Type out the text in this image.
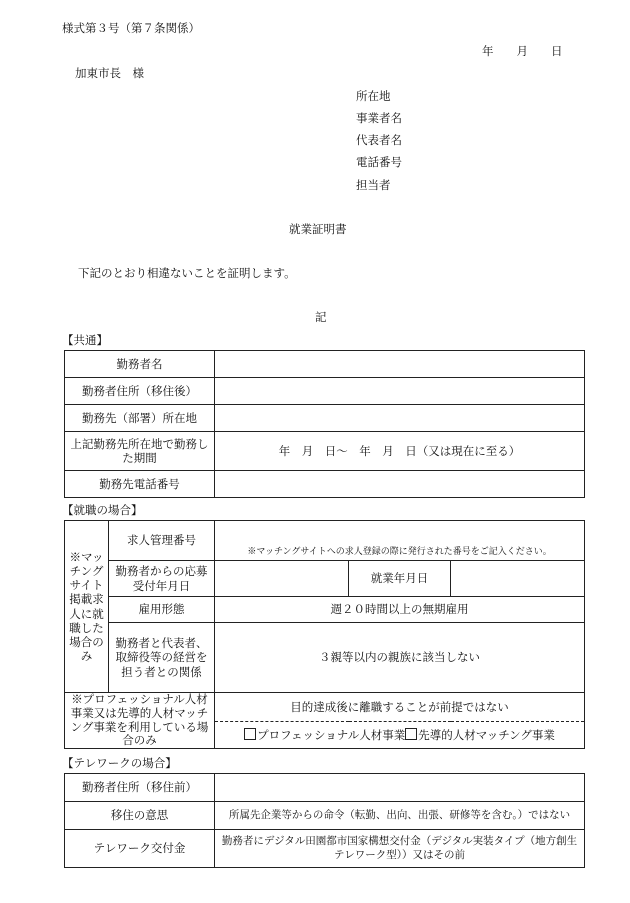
様式第３号（第７条関係）
年　　月　　日
加東市長　様
所在地
事業者名
代表者名
電話番号
担当者
就業証明書
下記のとおり相違ないことを証明します。
記
【共通】
勤務者名	
勤務者住所（移住後）	
勤務先（部署）所在地	
上記勤務先所在地で勤務した期間	年　月　日〜　年　月　日（又は現在に至る）
勤務先電話番号	
【就職の場合】
※マッチングサイト掲載求人に就職した場合のみ	求人管理番号	※マッチングサイトへの求人登録の際に発行された番号をご記入ください。		
	勤務者からの応募受付年月日		就業年月日	
	雇用形態	週２０時間以上の無期雇用		
	勤務者と代表者、取締役等の経営を担う者との関係	３親等以内の親族に該当しない		
※プロフェッショナル人材事業又は先導的人材マッチング事業を利用している場合のみ		目的達成後に離職することが前提ではない		
		プロフェッショナル人材事業 先導的人材マッチング事業		
【テレワークの場合】
勤務者住所（移住前）	
移住の意思	所属先企業等からの命令（転勤、出向、出張、研修等を含む。）ではない
テレワーク交付金	勤務者にデジタル田園都市国家構想交付金（デジタル実装タイプ（地方創生テレワーク型））又はその前
